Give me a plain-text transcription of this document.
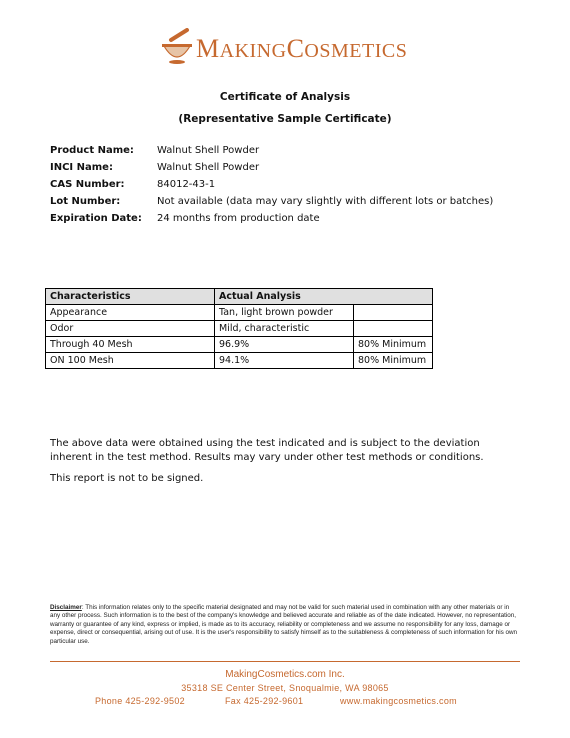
MAKINGCOSMETICS
Certificate of Analysis
(Representative Sample Certificate)
Product Name: Walnut Shell Powder
INCI Name:	Walnut Shell Powder
CAS Number:	84012-43-1
Lot Number:	Not available (data may vary slightly with different lots or batches)
Expiration Date: 24 months from production date
Characteristics	Actual Analysis	
Appearance	Tan, light brown powder	
Odor	Mild, characteristic	
Through 40 Mesh	96.9%	80% Minimum
ON 100 Mesh	94.1%	80% Minimum
The above data were obtained using the test indicated and is subject to the deviation inherent in the test method. Results may vary under other test methods or conditions.
This report is not to be signed.
Disclaimer: This information relates only to the specific material designated and may not be valid for such material used in combination with any other materials or in any other process. Such information is to the best of the company's knowledge and believed accurate and reliable as of the date indicated. However, no representation, warranty or guarantee of any kind, express or implied, is made as to its accuracy, reliability or completeness and we assume no responsibility for any loss, damage or expense, direct or consequential, arising out of use. It is the user's responsibility to satisfy himself as to the suitableness & completeness of such information for his own particular use.
MakingCosmetics.com Inc.
35318 SE Center Street, Snoqualmie, WA 98065
Phone 425-292-9502	Fax 425-292-9601	www.makingcosmetics.com
